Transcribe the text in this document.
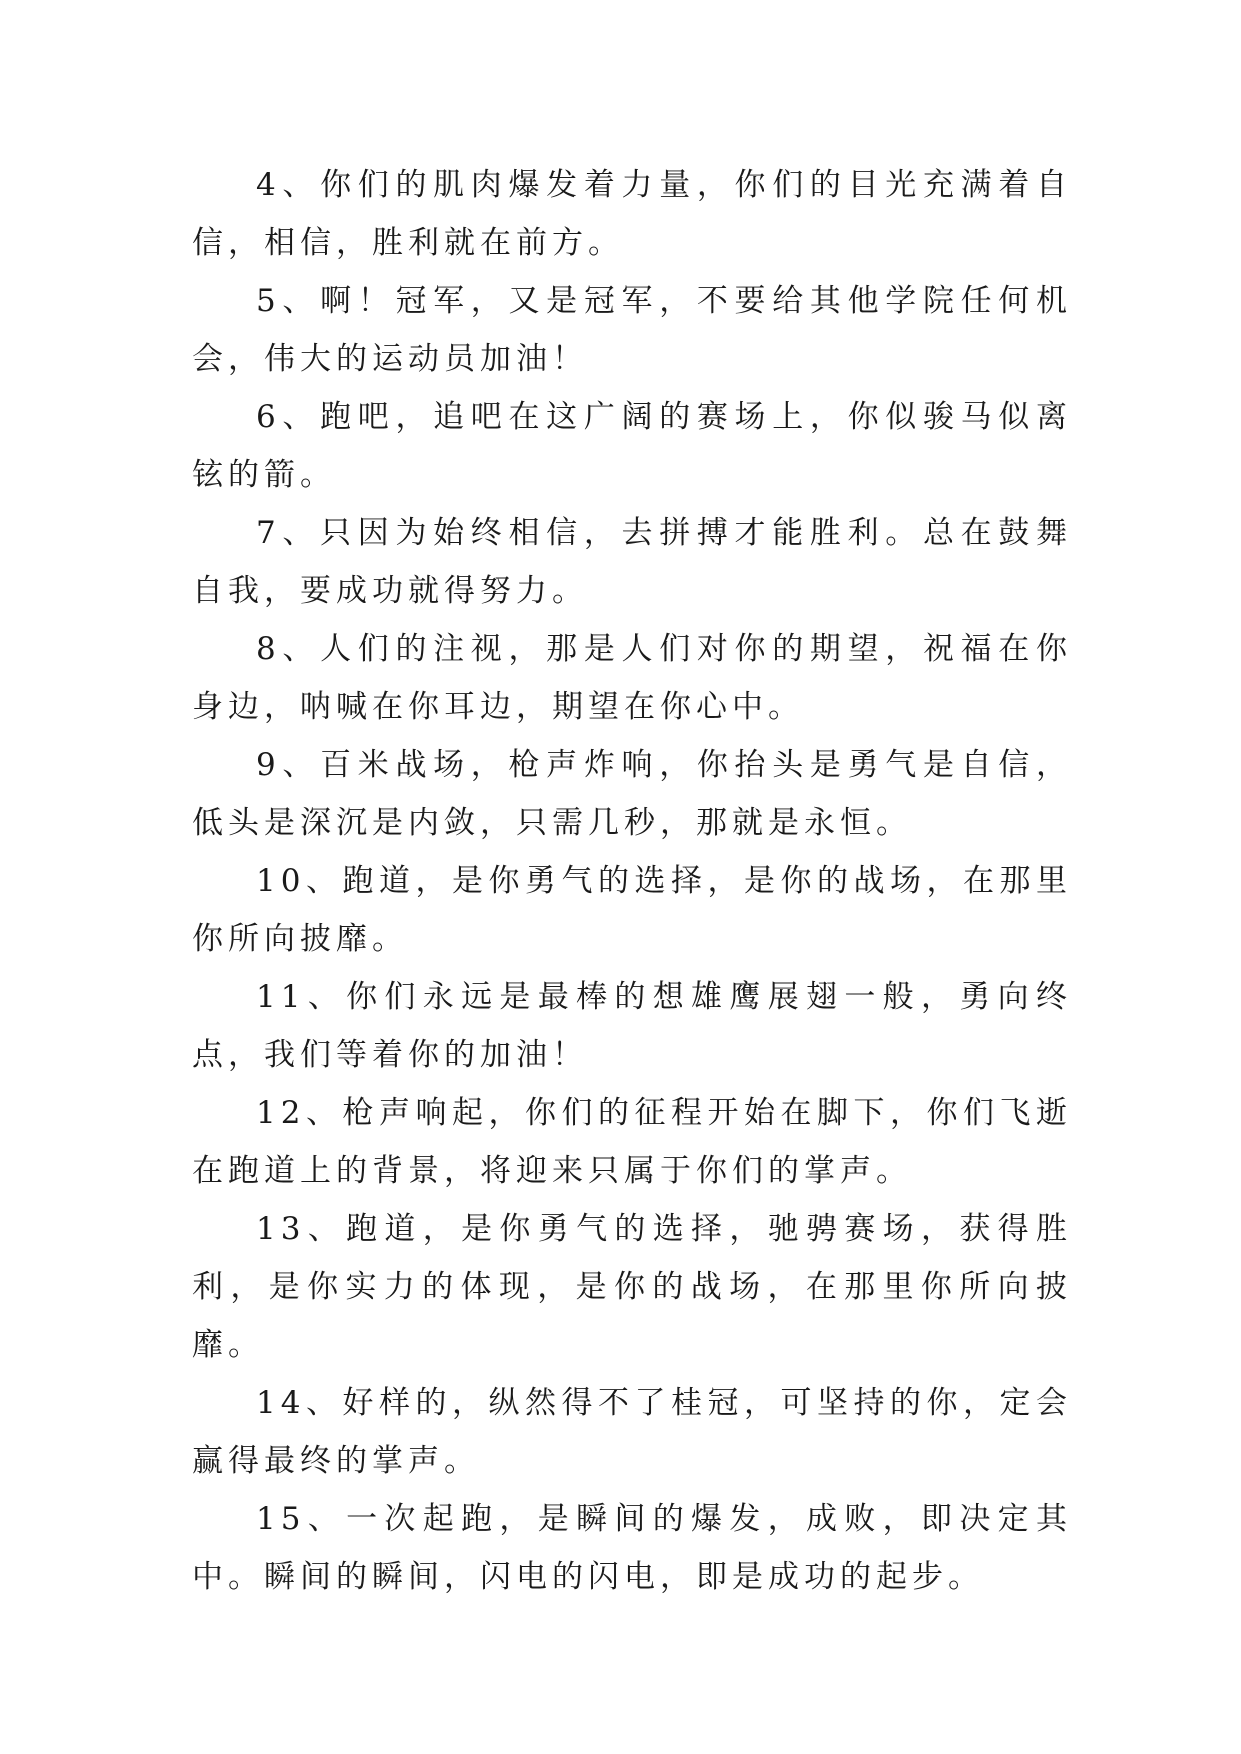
4、你们的肌肉爆发着力量，你们的目光充满着自信，相信，胜利就在前方。

5、啊！冠军，又是冠军，不要给其他学院任何机会，伟大的运动员加油！

6、跑吧，追吧在这广阔的赛场上，你似骏马似离铉的箭。

7、只因为始终相信，去拼搏才能胜利。总在鼓舞自我，要成功就得努力。

8、人们的注视，那是人们对你的期望，祝福在你身边，呐喊在你耳边，期望在你心中。

9、百米战场，枪声炸响，你抬头是勇气是自信，低头是深沉是内敛，只需几秒，那就是永恒。

10、跑道，是你勇气的选择，是你的战场，在那里你所向披靡。

11、你们永远是最棒的想雄鹰展翅一般，勇向终点，我们等着你的加油！

12、枪声响起，你们的征程开始在脚下，你们飞逝在跑道上的背景，将迎来只属于你们的掌声。

13、跑道，是你勇气的选择，驰骋赛场，获得胜利，是你实力的体现，是你的战场，在那里你所向披靡。

14、好样的，纵然得不了桂冠，可坚持的你，定会赢得最终的掌声。

15、一次起跑，是瞬间的爆发，成败，即决定其中。瞬间的瞬间，闪电的闪电，即是成功的起步。
